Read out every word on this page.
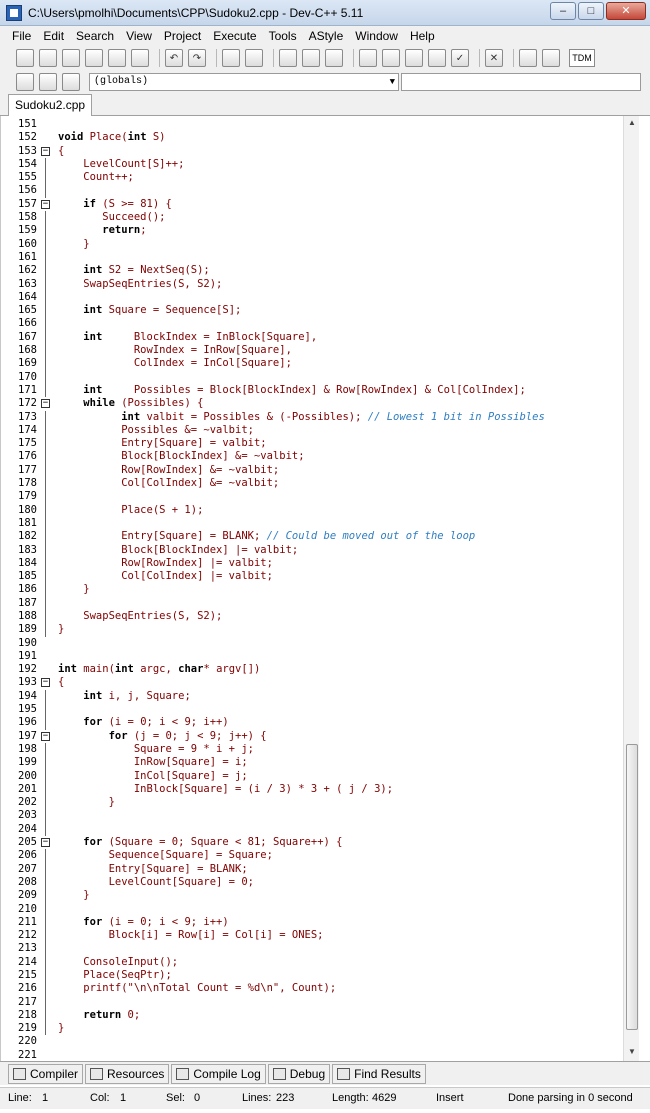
C:\Users\pmolhi\Documents\CPP\Sudoku2.cpp - Dev-C++ 5.11	–	□	✕
File	Edit	Search	View	Project	Execute	Tools	AStyle	Window	Help
↶	↷	✓	✕	TDM
(globals)	▼
Sudoku2.cpp
151
152 void Place(int S)
153 − {
154 LevelCount[S]++;
155 Count++;
156
157 −	if (S >= 81) {
158 Succeed();
159	return;
160 }
161
162	int S2 = NextSeq(S);
163 SwapSeqEntries(S, S2);
164
165	int Square = Sequence[S];
166
167	int     BlockIndex = InBlock[Square],
168 RowIndex = InRow[Square],
169 ColIndex = InCol[Square];
170
171	int     Possibles = Block[BlockIndex] & Row[RowIndex] & Col[ColIndex];
172 −	while (Possibles) {
173	int valbit = Possibles & (-Possibles); // Lowest 1 bit in Possibles
174 Possibles &= ~valbit;
175 Entry[Square] = valbit;
176 Block[BlockIndex] &= ~valbit;
177 Row[RowIndex] &= ~valbit;
178 Col[ColIndex] &= ~valbit;
179
180 Place(S + 1);
181
182 Entry[Square] = BLANK; // Could be moved out of the loop
183 Block[BlockIndex] |= valbit;
184 Row[RowIndex] |= valbit;
185 Col[ColIndex] |= valbit;
186 }
187
188 SwapSeqEntries(S, S2);
189 }
190
191
192 int main(int argc, char* argv[])
193 − {
194	int i, j, Square;
195
196	for (i = 0; i < 9; i++)
197 −	for (j = 0; j < 9; j++) {
198 Square = 9 * i + j;
199 InRow[Square] = i;
200 InCol[Square] = j;
201 InBlock[Square] = (i / 3) * 3 + ( j / 3);
202 }
203
204
205 −	for (Square = 0; Square < 81; Square++) {
206 Sequence[Square] = Square;
207 Entry[Square] = BLANK;
208 LevelCount[Square] = 0;
209 }
210
211	for (i = 0; i < 9; i++)
212 Block[i] = Row[i] = Col[i] = ONES;
213
214 ConsoleInput();
215 Place(SeqPtr);
216 printf("\n\nTotal Count = %d\n", Count);
217
218	return 0;
219 }
220
221
▲
▼
Compiler Resources Compile Log Debug Find Results
Line: 1	Col: 1	Sel: 0	Lines: 223	Length: 4629	Insert	Done parsing in 0 second
